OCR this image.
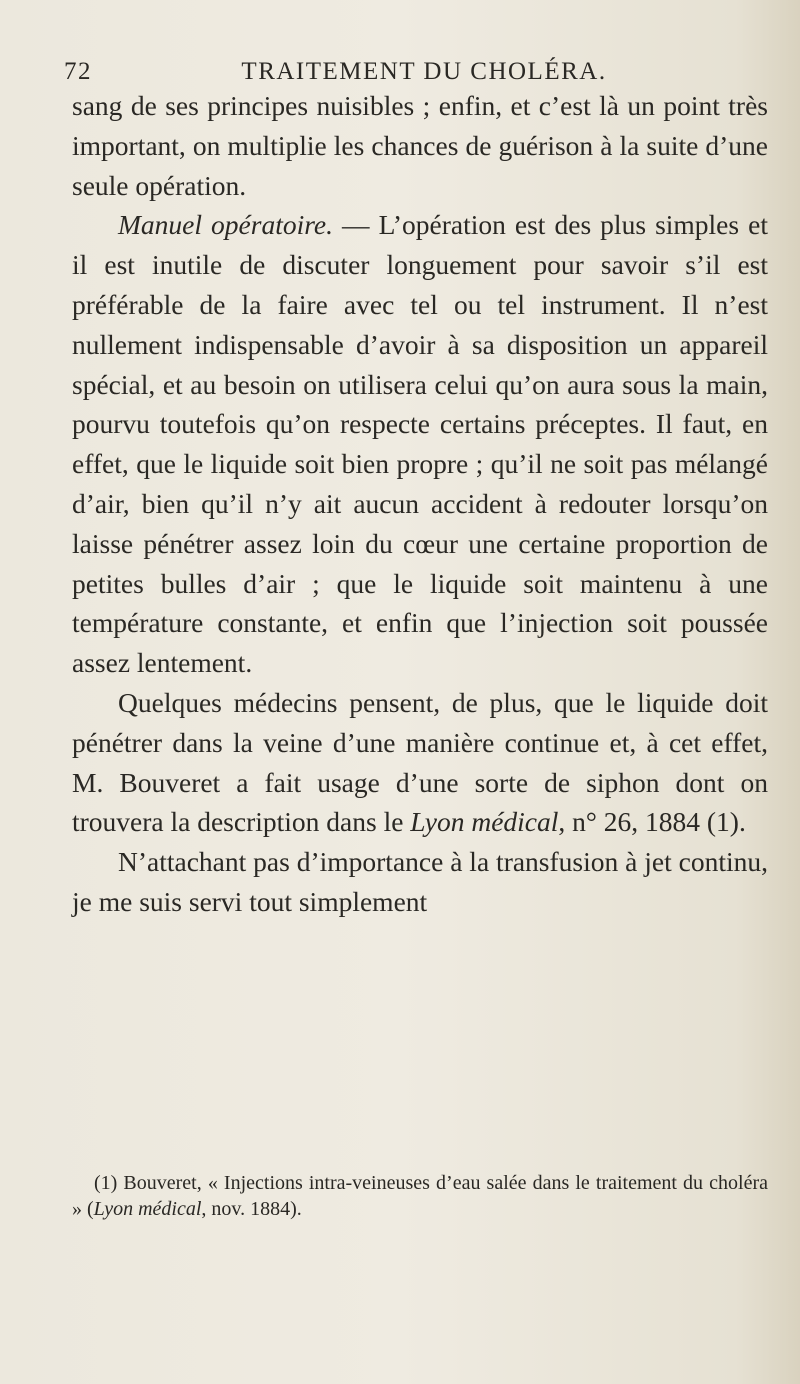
72	TRAITEMENT DU CHOLÉRA.

sang de ses principes nuisibles ; enfin, et c’est là un point très important, on multiplie les chances de guérison à la suite d’une seule opération.

Manuel opératoire. — L’opération est des plus simples et il est inutile de discuter longuement pour savoir s’il est préférable de la faire avec tel ou tel instrument. Il n’est nullement indispensable d’avoir à sa disposition un appareil spécial, et au besoin on utilisera celui qu’on aura sous la main, pourvu toutefois qu’on respecte certains préceptes. Il faut, en effet, que le liquide soit bien propre ; qu’il ne soit pas mélangé d’air, bien qu’il n’y ait aucun accident à redouter lorsqu’on laisse pénétrer assez loin du cœur une certaine proportion de petites bulles d’air ; que le liquide soit maintenu à une température constante, et enfin que l’injection soit poussée assez lentement.

Quelques médecins pensent, de plus, que le liquide doit pénétrer dans la veine d’une manière continue et, à cet effet, M. Bouveret a fait usage d’une sorte de siphon dont on trouvera la description dans le Lyon médical, n° 26, 1884 (1).

N’attachant pas d’importance à la transfusion à jet continu, je me suis servi tout simplement

(1) Bouveret, « Injections intra-veineuses d’eau salée dans le traitement du choléra » (Lyon médical, nov. 1884).
